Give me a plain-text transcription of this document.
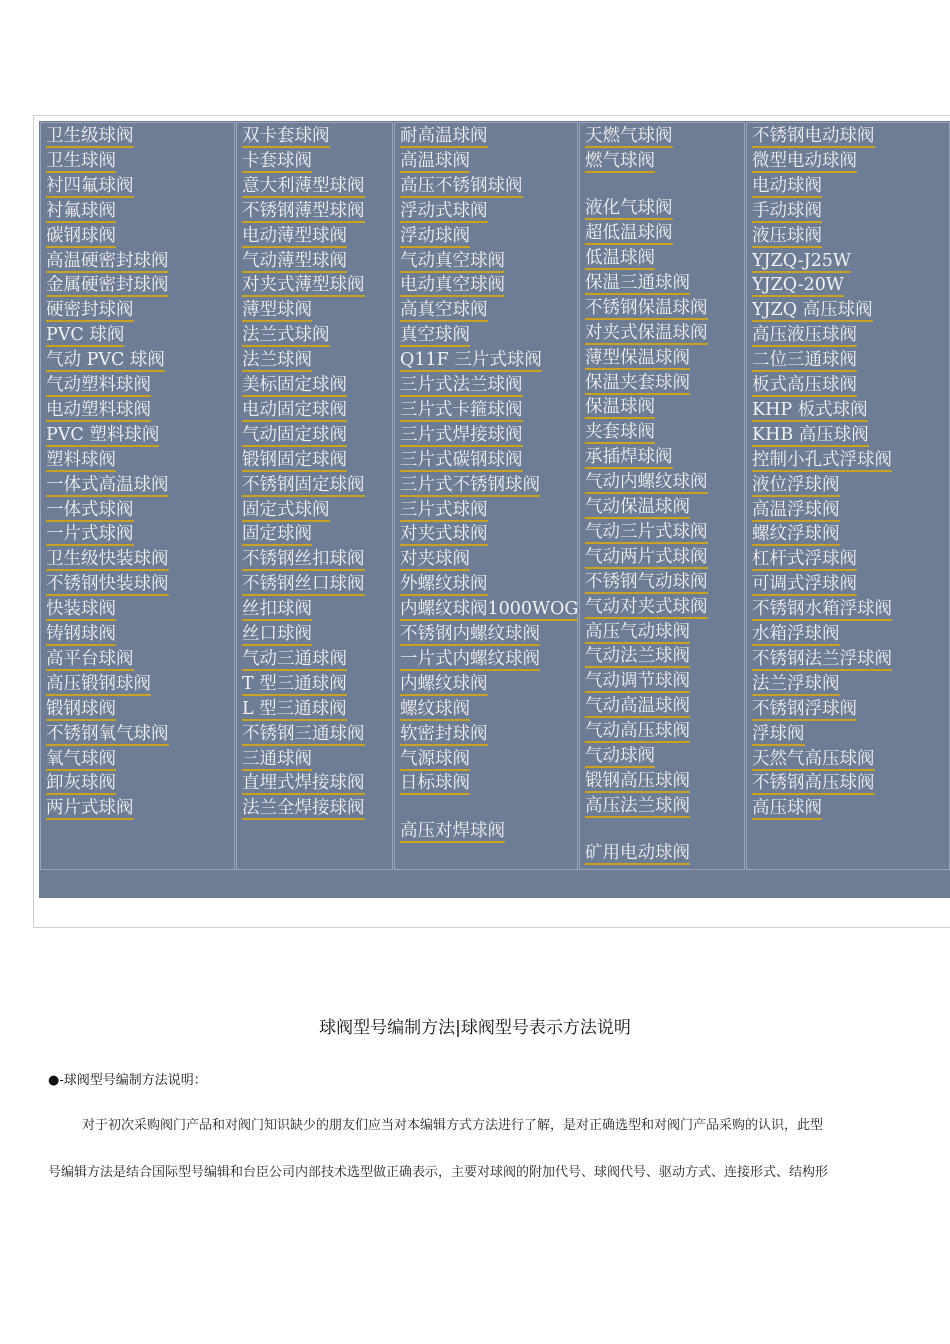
卫生级球阀
卫生球阀
衬四氟球阀
衬氟球阀
碳钢球阀
高温硬密封球阀
金属硬密封球阀
硬密封球阀
PVC 球阀
气动 PVC 球阀
气动塑料球阀
电动塑料球阀
PVC 塑料球阀
塑料球阀
一体式高温球阀
一体式球阀
一片式球阀
卫生级快装球阀
不锈钢快装球阀
快装球阀
铸钢球阀
高平台球阀
高压锻钢球阀
锻钢球阀
不锈钢氧气球阀
氧气球阀
卸灰球阀
两片式球阀
双卡套球阀
卡套球阀
意大利薄型球阀
不锈钢薄型球阀
电动薄型球阀
气动薄型球阀
对夹式薄型球阀
薄型球阀
法兰式球阀
法兰球阀
美标固定球阀
电动固定球阀
气动固定球阀
锻钢固定球阀
不锈钢固定球阀
固定式球阀
固定球阀
不锈钢丝扣球阀
不锈钢丝口球阀
丝扣球阀
丝口球阀
气动三通球阀
T 型三通球阀
L 型三通球阀
不锈钢三通球阀
三通球阀
直埋式焊接球阀
法兰全焊接球阀
耐高温球阀
高温球阀
高压不锈钢球阀
浮动式球阀
浮动球阀
气动真空球阀
电动真空球阀
高真空球阀
真空球阀
Q11F 三片式球阀
三片式法兰球阀
三片式卡箍球阀
三片式焊接球阀
三片式碳钢球阀
三片式不锈钢球阀
三片式球阀
对夹式球阀
对夹球阀
外螺纹球阀
内螺纹球阀1000WOG
不锈钢内螺纹球阀
一片式内螺纹球阀
内螺纹球阀
螺纹球阀
软密封球阀
气源球阀
日标球阀
高压对焊球阀
天燃气球阀
燃气球阀
液化气球阀
超低温球阀
低温球阀
保温三通球阀
不锈钢保温球阀
对夹式保温球阀
薄型保温球阀
保温夹套球阀
保温球阀
夹套球阀
承插焊球阀
气动内螺纹球阀
气动保温球阀
气动三片式球阀
气动两片式球阀
不锈钢气动球阀
气动对夹式球阀
高压气动球阀
气动法兰球阀
气动调节球阀
气动高温球阀
气动高压球阀
气动球阀
锻钢高压球阀
高压法兰球阀
矿用电动球阀
不锈钢电动球阀
微型电动球阀
电动球阀
手动球阀
液压球阀
YJZQ-J25W
YJZQ-20W
YJZQ 高压球阀
高压液压球阀
二位三通球阀
板式高压球阀
KHP 板式球阀
KHB 高压球阀
控制小孔式浮球阀
液位浮球阀
高温浮球阀
螺纹浮球阀
杠杆式浮球阀
可调式浮球阀
不锈钢水箱浮球阀
水箱浮球阀
不锈钢法兰浮球阀
法兰浮球阀
不锈钢浮球阀
浮球阀
天然气高压球阀
不锈钢高压球阀
高压球阀
球阀型号编制方法|球阀型号表示方法说明
●-球阀型号编制方法说明：
对于初次采购阀门产品和对阀门知识缺少的朋友们应当对本编辑方式方法进行了解，是对正确选型和对阀门产品采购的认识，此型
号编辑方法是结合国际型号编辑和台臣公司内部技术选型做正确表示，主要对球阀的附加代号、球阀代号、驱动方式、连接形式、结构形
